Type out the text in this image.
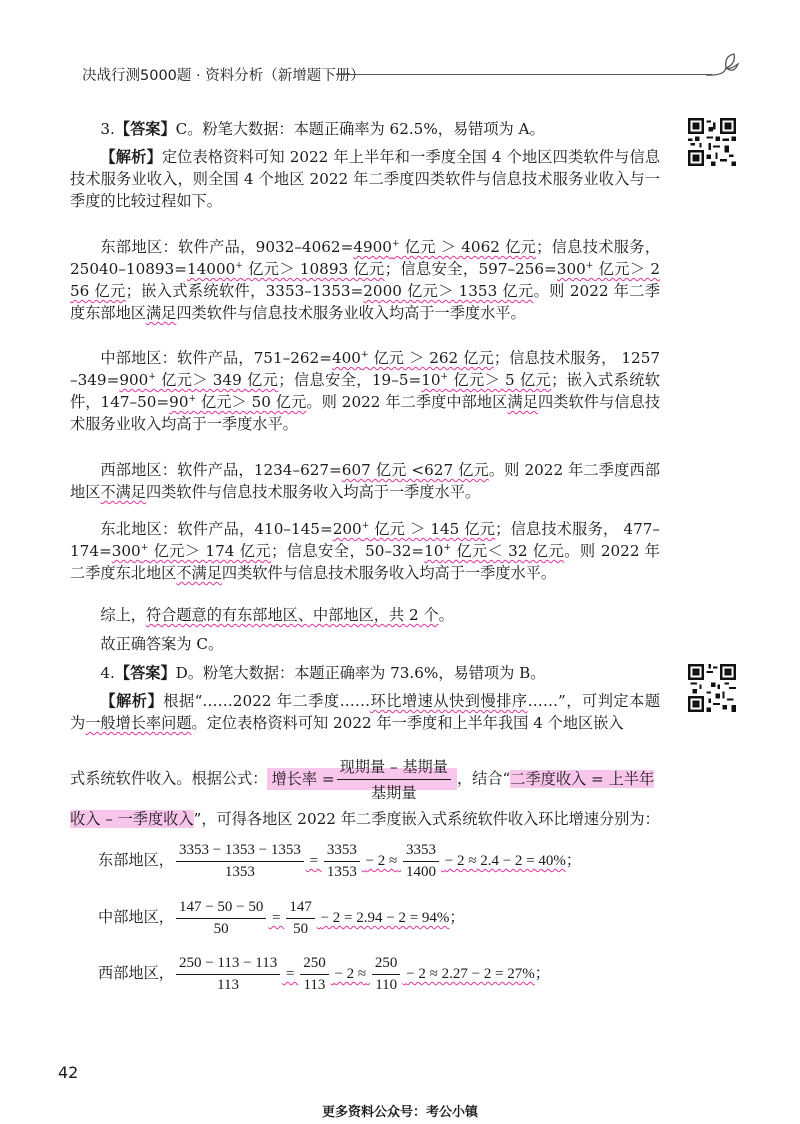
决战行测5000题 · 资料分析（新增题下册）
3.【答案】C。粉笔大数据：本题正确率为 62.5%，易错项为 A。
【解析】定位表格资料可知 2022 年上半年和一季度全国 4 个地区四类软件与信息技术服务业收入，则全国 4 个地区 2022 年二季度四类软件与信息技术服务业收入与一季度的比较过程如下。
东部地区：软件产品，9032–4062=4900+ 亿元 ＞ 4062 亿元；信息技术服务， 25040–10893=14000+ 亿元＞ 10893 亿元；信息安全，597–256=300+ 亿元＞ 256 亿元；嵌入式系统软件，3353–1353=2000 亿元＞ 1353 亿元。则 2022 年二季度东部地区满足四类软件与信息技术服务业收入均高于一季度水平。
中部地区：软件产品，751–262=400+ 亿元 ＞ 262 亿元；信息技术服务， 1257–349=900+ 亿元＞ 349 亿元；信息安全，19–5=10+ 亿元＞ 5 亿元；嵌入式系统软件，147–50=90+ 亿元＞ 50 亿元。则 2022 年二季度中部地区满足四类软件与信息技术服务业收入均高于一季度水平。
西部地区：软件产品，1234–627=607 亿元 <627 亿元。则 2022 年二季度西部地区不满足四类软件与信息技术服务收入均高于一季度水平。
东北地区：软件产品，410–145=200+ 亿元 ＞ 145 亿元；信息技术服务， 477–174=300+ 亿元＞ 174 亿元；信息安全，50–32=10+ 亿元＜ 32 亿元。则 2022 年二季度东北地区不满足四类软件与信息技术服务收入均高于一季度水平。
综上，符合题意的有东部地区、中部地区，共 2 个。
故正确答案为 C。
4.【答案】D。粉笔大数据：本题正确率为 73.6%，易错项为 B。
【解析】根据“……2022 年二季度……环比增速从快到慢排序……”，可判定本题为一般增长率问题。定位表格资料可知 2022 年一季度和上半年我国 4 个地区嵌入
式系统软件收入。根据公式： 增长率 = $\frac{\text{现期量 – 基期量}}{\text{基期量}}$ ，结合“二季度收入 = 上半年
收入 – 一季度收入”，可得各地区 2022 年二季度嵌入式系统软件收入环比增速分别为：
东部地区， $\frac{3353 - 1353 - 1353}{1353} = \frac{3353}{1353} - 2 \approx \frac{3353}{1400} - 2 \approx 2.4 - 2 = 40\%$；
中部地区， $\frac{147 - 50 - 50}{50} = \frac{147}{50} - 2 = 2.94 - 2 = 94\%$；
西部地区， $\frac{250 - 113 - 113}{113} = \frac{250}{113} - 2 \approx \frac{250}{110} - 2 \approx 2.27 - 2 = 27\%$；
42
更多资料公众号：考公小镇
